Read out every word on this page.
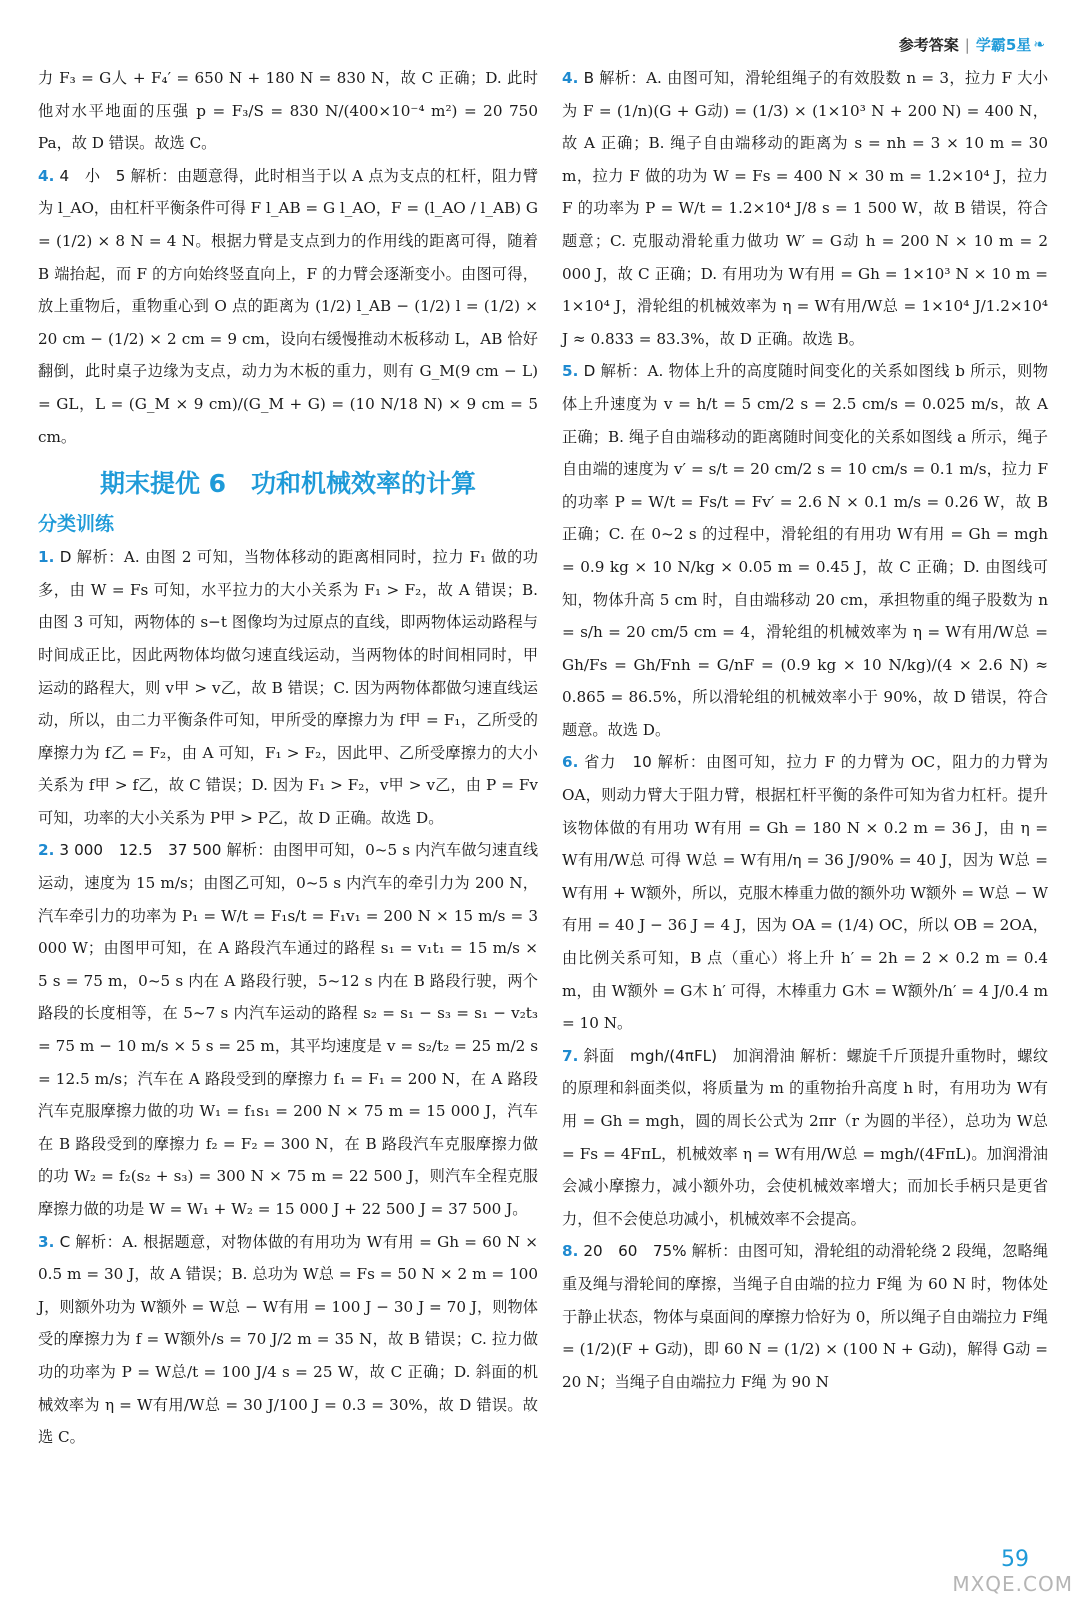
参考答案 | 学霸5星 ❧

力 F₃ = G人 + F₄′ = 650 N + 180 N = 830 N，故 C 正确；D. 此时他对水平地面的压强 p = F₃/S = 830 N/(400×10⁻⁴ m²) = 20 750 Pa，故 D 错误。故选 C。

4. 4　小　5 解析：由题意得，此时相当于以 A 点为支点的杠杆，阻力臂为 l_AO，由杠杆平衡条件可得 F l_AB = G l_AO，F = (l_AO / l_AB) G = (1/2) × 8 N = 4 N。根据力臂是支点到力的作用线的距离可得，随着 B 端抬起，而 F 的方向始终竖直向上，F 的力臂会逐渐变小。由图可得，放上重物后，重物重心到 O 点的距离为 (1/2) l_AB − (1/2) l = (1/2) × 20 cm − (1/2) × 2 cm = 9 cm，设向右缓慢推动木板移动 L，AB 恰好翻倒，此时桌子边缘为支点，动力为木板的重力，则有 G_M(9 cm − L) = GL，L = (G_M × 9 cm)/(G_M + G) = (10 N/18 N) × 9 cm = 5 cm。

期末提优 6　功和机械效率的计算
分类训练

1. D 解析：A. 由图 2 可知，当物体移动的距离相同时，拉力 F₁ 做的功多，由 W = Fs 可知，水平拉力的大小关系为 F₁ > F₂，故 A 错误；B. 由图 3 可知，两物体的 s−t 图像均为过原点的直线，即两物体运动路程与时间成正比，因此两物体均做匀速直线运动，当两物体的时间相同时，甲运动的路程大，则 v甲 > v乙，故 B 错误；C. 因为两物体都做匀速直线运动，所以，由二力平衡条件可知，甲所受的摩擦力为 f甲 = F₁，乙所受的摩擦力为 f乙 = F₂，由 A 可知，F₁ > F₂，因此甲、乙所受摩擦力的大小关系为 f甲 > f乙，故 C 错误；D. 因为 F₁ > F₂，v甲 > v乙，由 P = Fv 可知，功率的大小关系为 P甲 > P乙，故 D 正确。故选 D。

2. 3 000　12.5　37 500 解析：由图甲可知，0~5 s 内汽车做匀速直线运动，速度为 15 m/s；由图乙可知，0~5 s 内汽车的牵引力为 200 N，汽车牵引力的功率为 P₁ = W/t = F₁s/t = F₁v₁ = 200 N × 15 m/s = 3 000 W；由图甲可知，在 A 路段汽车通过的路程 s₁ = v₁t₁ = 15 m/s × 5 s = 75 m，0~5 s 内在 A 路段行驶，5~12 s 内在 B 路段行驶，两个路段的长度相等，在 5~7 s 内汽车运动的路程 s₂ = s₁ − s₃ = s₁ − v₂t₃ = 75 m − 10 m/s × 5 s = 25 m，其平均速度是 v = s₂/t₂ = 25 m/2 s = 12.5 m/s；汽车在 A 路段受到的摩擦力 f₁ = F₁ = 200 N，在 A 路段汽车克服摩擦力做的功 W₁ = f₁s₁ = 200 N × 75 m = 15 000 J，汽车在 B 路段受到的摩擦力 f₂ = F₂ = 300 N，在 B 路段汽车克服摩擦力做的功 W₂ = f₂(s₂ + s₃) = 300 N × 75 m = 22 500 J，则汽车全程克服摩擦力做的功是 W = W₁ + W₂ = 15 000 J + 22 500 J = 37 500 J。

3. C 解析：A. 根据题意，对物体做的有用功为 W有用 = Gh = 60 N × 0.5 m = 30 J，故 A 错误；B. 总功为 W总 = Fs = 50 N × 2 m = 100 J，则额外功为 W额外 = W总 − W有用 = 100 J − 30 J = 70 J，则物体受的摩擦力为 f = W额外/s = 70 J/2 m = 35 N，故 B 错误；C. 拉力做功的功率为 P = W总/t = 100 J/4 s = 25 W，故 C 正确；D. 斜面的机械效率为 η = W有用/W总 = 30 J/100 J = 0.3 = 30%，故 D 错误。故选 C。

4. B 解析：A. 由图可知，滑轮组绳子的有效股数 n = 3，拉力 F 大小为 F = (1/n)(G + G动) = (1/3) × (1×10³ N + 200 N) = 400 N，故 A 正确；B. 绳子自由端移动的距离为 s = nh = 3 × 10 m = 30 m，拉力 F 做的功为 W = Fs = 400 N × 30 m = 1.2×10⁴ J，拉力 F 的功率为 P = W/t = 1.2×10⁴ J/8 s = 1 500 W，故 B 错误，符合题意；C. 克服动滑轮重力做功 W′ = G动 h = 200 N × 10 m = 2 000 J，故 C 正确；D. 有用功为 W有用 = Gh = 1×10³ N × 10 m = 1×10⁴ J，滑轮组的机械效率为 η = W有用/W总 = 1×10⁴ J/1.2×10⁴ J ≈ 0.833 = 83.3%，故 D 正确。故选 B。

5. D 解析：A. 物体上升的高度随时间变化的关系如图线 b 所示，则物体上升速度为 v = h/t = 5 cm/2 s = 2.5 cm/s = 0.025 m/s，故 A 正确；B. 绳子自由端移动的距离随时间变化的关系如图线 a 所示，绳子自由端的速度为 v′ = s/t = 20 cm/2 s = 10 cm/s = 0.1 m/s，拉力 F 的功率 P = W/t = Fs/t = Fv′ = 2.6 N × 0.1 m/s = 0.26 W，故 B 正确；C. 在 0~2 s 的过程中，滑轮组的有用功 W有用 = Gh = mgh = 0.9 kg × 10 N/kg × 0.05 m = 0.45 J，故 C 正确；D. 由图线可知，物体升高 5 cm 时，自由端移动 20 cm，承担物重的绳子股数为 n = s/h = 20 cm/5 cm = 4，滑轮组的机械效率为 η = W有用/W总 = Gh/Fs = Gh/Fnh = G/nF = (0.9 kg × 10 N/kg)/(4 × 2.6 N) ≈ 0.865 = 86.5%，所以滑轮组的机械效率小于 90%，故 D 错误，符合题意。故选 D。

6. 省力　10 解析：由图可知，拉力 F 的力臂为 OC，阻力的力臂为 OA，则动力臂大于阻力臂，根据杠杆平衡的条件可知为省力杠杆。提升该物体做的有用功 W有用 = Gh = 180 N × 0.2 m = 36 J，由 η = W有用/W总 可得 W总 = W有用/η = 36 J/90% = 40 J，因为 W总 = W有用 + W额外，所以，克服木棒重力做的额外功 W额外 = W总 − W有用 = 40 J − 36 J = 4 J，因为 OA = (1/4) OC，所以 OB = 2OA，由比例关系可知，B 点（重心）将上升 h′ = 2h = 2 × 0.2 m = 0.4 m，由 W额外 = G木 h′ 可得，木棒重力 G木 = W额外/h′ = 4 J/0.4 m = 10 N。

7. 斜面　mgh/(4πFL)　加润滑油 解析：螺旋千斤顶提升重物时，螺纹的原理和斜面类似，将质量为 m 的重物抬升高度 h 时，有用功为 W有用 = Gh = mgh，圆的周长公式为 2πr（r 为圆的半径），总功为 W总 = Fs = 4FπL，机械效率 η = W有用/W总 = mgh/(4FπL)。加润滑油会减小摩擦力，减小额外功，会使机械效率增大；而加长手柄只是更省力，但不会使总功减小，机械效率不会提高。

8. 20　60　75% 解析：由图可知，滑轮组的动滑轮绕 2 段绳，忽略绳重及绳与滑轮间的摩擦，当绳子自由端的拉力 F绳 为 60 N 时，物体处于静止状态，物体与桌面间的摩擦力恰好为 0，所以绳子自由端拉力 F绳 = (1/2)(F + G动)，即 60 N = (1/2) × (100 N + G动)，解得 G动 = 20 N；当绳子自由端拉力 F绳 为 90 N

59
MXQE.COM
